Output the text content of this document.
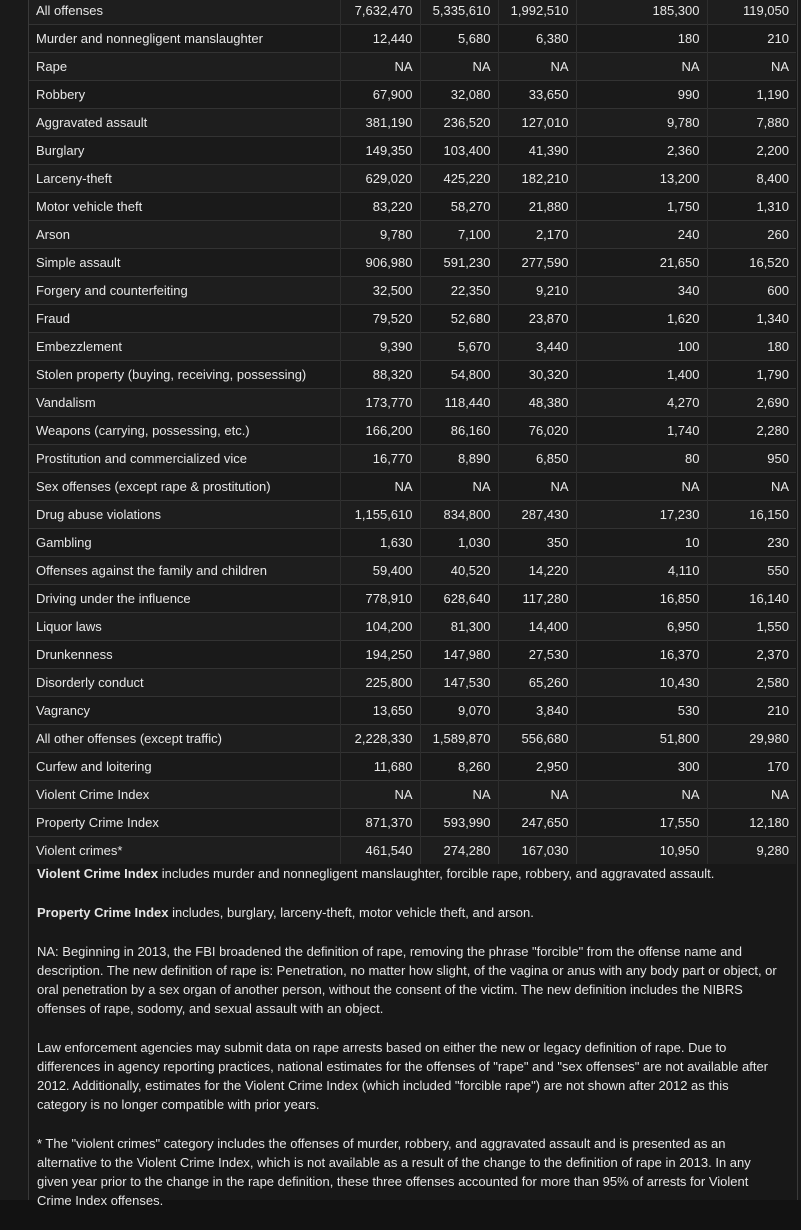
All offenses	7,632,470	5,335,610	1,992,510	185,300	119,050
Murder and nonnegligent manslaughter	12,440	5,680	6,380	180	210
Rape	NA	NA	NA	NA	NA
Robbery	67,900	32,080	33,650	990	1,190
Aggravated assault	381,190	236,520	127,010	9,780	7,880
Burglary	149,350	103,400	41,390	2,360	2,200
Larceny-theft	629,020	425,220	182,210	13,200	8,400
Motor vehicle theft	83,220	58,270	21,880	1,750	1,310
Arson	9,780	7,100	2,170	240	260
Simple assault	906,980	591,230	277,590	21,650	16,520
Forgery and counterfeiting	32,500	22,350	9,210	340	600
Fraud	79,520	52,680	23,870	1,620	1,340
Embezzlement	9,390	5,670	3,440	100	180
Stolen property (buying, receiving, possessing)	88,320	54,800	30,320	1,400	1,790
Vandalism	173,770	118,440	48,380	4,270	2,690
Weapons (carrying, possessing, etc.)	166,200	86,160	76,020	1,740	2,280
Prostitution and commercialized vice	16,770	8,890	6,850	80	950
Sex offenses (except rape & prostitution)	NA	NA	NA	NA	NA
Drug abuse violations	1,155,610	834,800	287,430	17,230	16,150
Gambling	1,630	1,030	350	10	230
Offenses against the family and children	59,400	40,520	14,220	4,110	550
Driving under the influence	778,910	628,640	117,280	16,850	16,140
Liquor laws	104,200	81,300	14,400	6,950	1,550
Drunkenness	194,250	147,980	27,530	16,370	2,370
Disorderly conduct	225,800	147,530	65,260	10,430	2,580
Vagrancy	13,650	9,070	3,840	530	210
All other offenses (except traffic)	2,228,330	1,589,870	556,680	51,800	29,980
Curfew and loitering	11,680	8,260	2,950	300	170
Violent Crime Index	NA	NA	NA	NA	NA
Property Crime Index	871,370	593,990	247,650	17,550	12,180
Violent crimes*	461,540	274,280	167,030	10,950	9,280

Violent Crime Index includes murder and nonnegligent manslaughter, forcible rape, robbery, and aggravated assault.

Property Crime Index includes, burglary, larceny-theft, motor vehicle theft, and arson.

NA: Beginning in 2013, the FBI broadened the definition of rape, removing the phrase "forcible" from the offense name and description. The new definition of rape is: Penetration, no matter how slight, of the vagina or anus with any body part or object, or oral penetration by a sex organ of another person, without the consent of the victim. The new definition includes the NIBRS offenses of rape, sodomy, and sexual assault with an object.

Law enforcement agencies may submit data on rape arrests based on either the new or legacy definition of rape. Due to differences in agency reporting practices, national estimates for the offenses of "rape" and "sex offenses" are not available after 2012. Additionally, estimates for the Violent Crime Index (which included "forcible rape") are not shown after 2012 as this category is no longer compatible with prior years.

* The "violent crimes" category includes the offenses of murder, robbery, and aggravated assault and is presented as an alternative to the Violent Crime Index, which is not available as a result of the change to the definition of rape in 2013. In any given year prior to the change in the rape definition, these three offenses accounted for more than 95% of arrests for Violent Crime Index offenses.
